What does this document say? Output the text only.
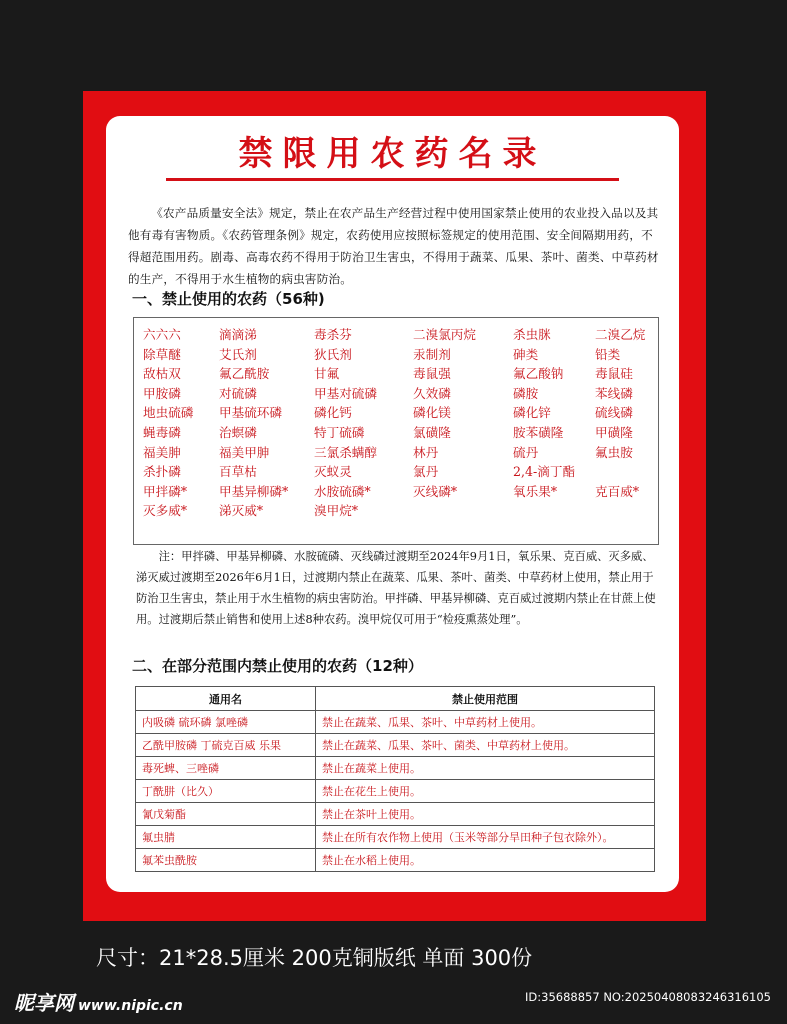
禁限用农药名录
《农产品质量安全法》规定，禁止在农产品生产经营过程中使用国家禁止使用的农业投入品以及其他有毒有害物质。《农药管理条例》规定，农药使用应按照标签规定的使用范围、安全间隔期用药，不得超范围用药。剧毒、高毒农药不得用于防治卫生害虫，不得用于蔬菜、瓜果、茶叶、菌类、中草药材的生产，不得用于水生植物的病虫害防治。
一、禁止使用的农药（56种)
六六六	滴滴涕	毒杀芬	二溴氯丙烷	杀虫脒	二溴乙烷
除草醚	艾氏剂	狄氏剂	汞制剂	砷类	铅类
敌枯双	氟乙酰胺	甘氟	毒鼠强	氟乙酸钠	毒鼠硅
甲胺磷	对硫磷	甲基对硫磷	久效磷	磷胺	苯线磷
地虫硫磷 甲基硫环磷	磷化钙	磷化镁	磷化锌	硫线磷
蝇毒磷	治螟磷	特丁硫磷	氯磺隆	胺苯磺隆	甲磺隆
福美胂	福美甲胂	三氯杀螨醇	林丹	硫丹	氟虫胺
杀扑磷	百草枯	灭蚁灵	氯丹	2,4-滴丁酯
甲拌磷*	甲基异柳磷* 水胺硫磷*	灭线磷*	氧乐果*	克百威*
灭多威*	涕灭威*	溴甲烷*
注：甲拌磷、甲基异柳磷、水胺硫磷、灭线磷过渡期至2024年9月1日，氧乐果、克百威、灭多威、涕灭威过渡期至2026年6月1日，过渡期内禁止在蔬菜、瓜果、茶叶、菌类、中草药材上使用，禁止用于防治卫生害虫，禁止用于水生植物的病虫害防治。甲拌磷、甲基异柳磷、克百威过渡期内禁止在甘蔗上使用。过渡期后禁止销售和使用上述8种农药。溴甲烷仅可用于“检疫熏蒸处理”。
二、在部分范围内禁止使用的农药（12种）
通用名	禁止使用范围
内吸磷 硫环磷 氯唑磷	禁止在蔬菜、瓜果、茶叶、中草药材上使用。
乙酰甲胺磷 丁硫克百威 乐果	禁止在蔬菜、瓜果、茶叶、菌类、中草药材上使用。
毒死蜱、三唑磷	禁止在蔬菜上使用。
丁酰肼（比久）	禁止在花生上使用。
氰戊菊酯	禁止在茶叶上使用。
氟虫腈	禁止在所有农作物上使用（玉米等部分旱田种子包衣除外）。
氟苯虫酰胺	禁止在水稻上使用。
温州市农业行政执法队
尺寸：21*28.5厘米 200克铜版纸 单面 300份
昵享网 www.nipic.cn
ID:35688857 NO:20250408083246316105
